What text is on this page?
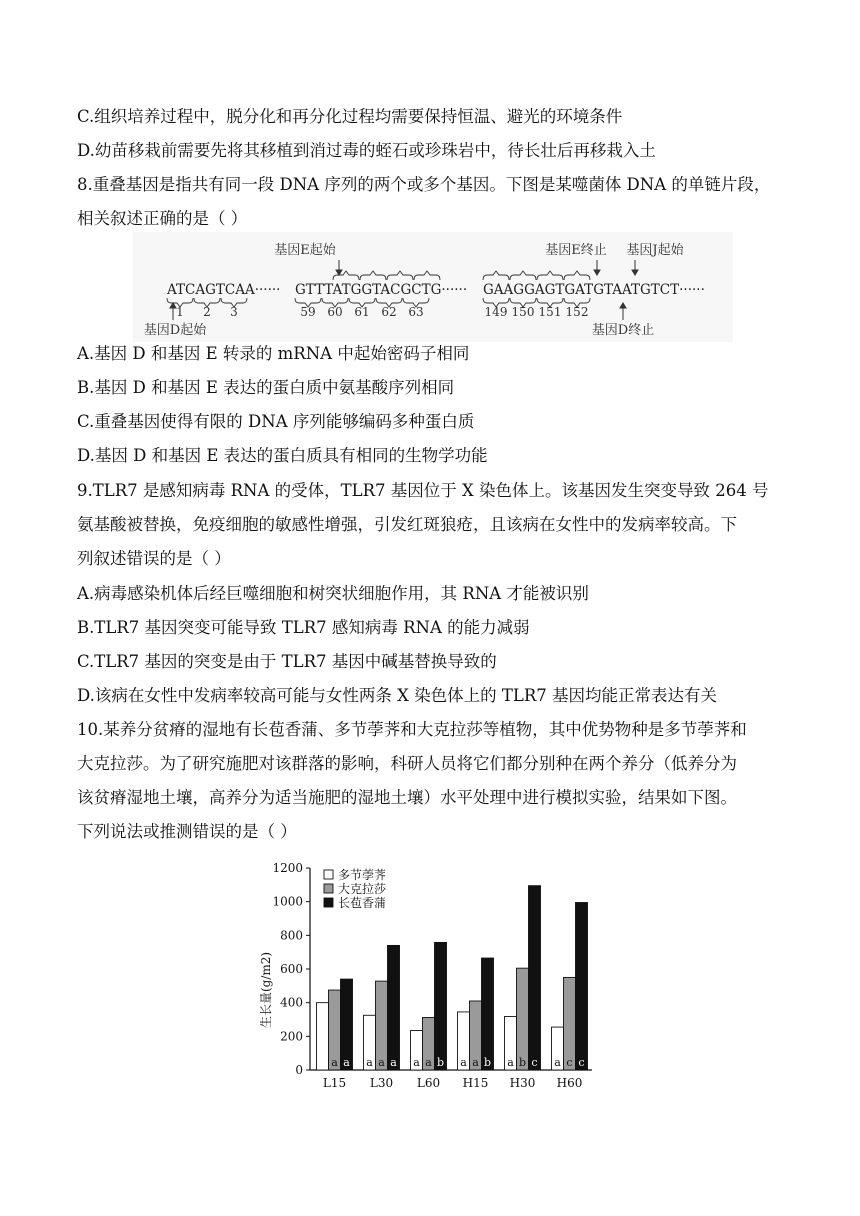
C.组织培养过程中，脱分化和再分化过程均需要保持恒温、避光的环境条件
D.幼苗移栽前需要先将其移植到消过毒的蛭石或珍珠岩中，待长壮后再移栽入土
8.重叠基因是指共有同一段 DNA 序列的两个或多个基因。下图是某噬菌体 DNA 的单链片段，
相关叙述正确的是（ ）
A.基因 D 和基因 E 转录的 mRNA 中起始密码子相同
B.基因 D 和基因 E 表达的蛋白质中氨基酸序列相同
C.重叠基因使得有限的 DNA 序列能够编码多种蛋白质
D.基因 D 和基因 E 表达的蛋白质具有相同的生物学功能
9.TLR7 是感知病毒 RNA 的受体，TLR7 基因位于 X 染色体上。该基因发生突变导致 264 号
氨基酸被替换，免疫细胞的敏感性增强，引发红斑狼疮，且该病在女性中的发病率较高。下
列叙述错误的是（ ）
A.病毒感染机体后经巨噬细胞和树突状细胞作用，其 RNA 才能被识别
B.TLR7 基因突变可能导致 TLR7 感知病毒 RNA 的能力减弱
C.TLR7 基因的突变是由于 TLR7 基因中碱基替换导致的
D.该病在女性中发病率较高可能与女性两条 X 染色体上的 TLR7 基因均能正常表达有关
10.某养分贫瘠的湿地有长苞香蒲、多节荸荠和大克拉莎等植物，其中优势物种是多节荸荠和
大克拉莎。为了研究施肥对该群落的影响，科研人员将它们都分别种在两个养分（低养分为
该贫瘠湿地土壤，高养分为适当施肥的湿地土壤）水平处理中进行模拟实验，结果如下图。
下列说法或推测错误的是（ ）
基因E起始	基因E终止 基因J起始
ATCAGTCAA······ GTTTATGGTACGCTG······ GAAGGAGTGATGTAATGTCT······
1 2 3	59 60 61 62 63	149 150 151 152
基因D起始	基因D终止
a a a a a a a b a a b a b c a c c
L15 L30 L60 H15 H30 H60
0
200
400
600
800
1000
1200	多节荸荠
大克拉莎
长苞香蒲
生长量(g/m2)
